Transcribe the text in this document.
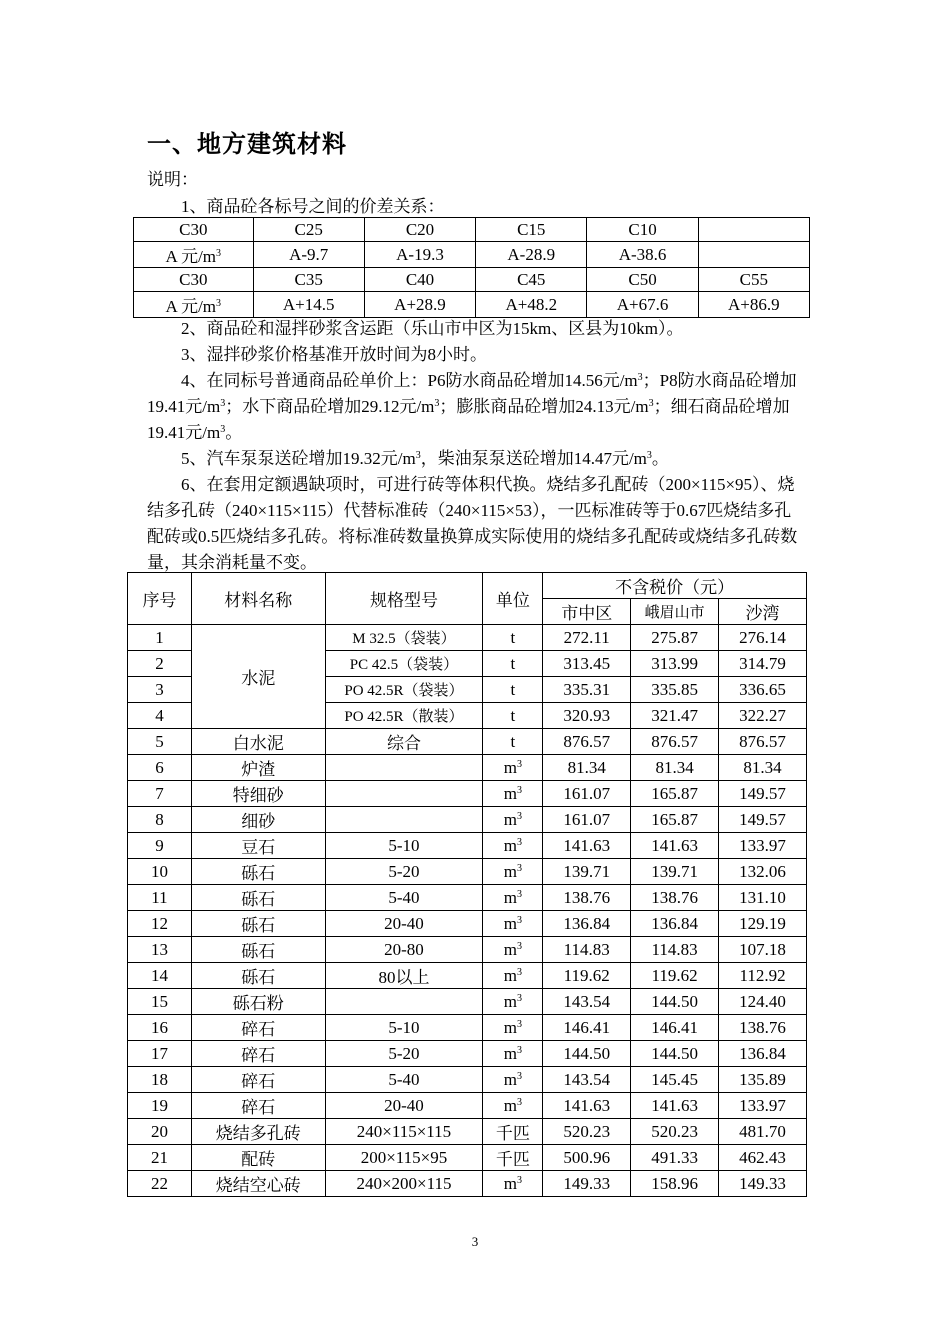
一、地方建筑材料
说明：
1、商品砼各标号之间的价差关系：
C30	C25	C20	C15	C10	
A 元$/m^3$	A-9.7	A-19.3	A-28.9	A-38.6	
C30	C35	C40	C45	C50	C55
A 元$/m^3$	A+14.5	A+28.9	A+48.2	A+67.6	A+86.9
2、商品砼和湿拌砂浆含运距（乐山市中区为15km、区县为10km）。
3、湿拌砂浆价格基准开放时间为8小时。
4、在同标号普通商品砼单价上：P6防水商品砼增加14.56元$/m^3$；P8防水商品砼增加19.41元$/m^3$；水下商品砼增加29.12元$/m^3$；膨胀商品砼增加24.13元$/m^3$；细石商品砼增加19.41元$/m^3$。
5、汽车泵泵送砼增加19.32元$/m^3$，柴油泵泵送砼增加14.47元$/m^3$。
6、在套用定额遇缺项时，可进行砖等体积代换。烧结多孔配砖（200×115×95）、烧结多孔砖（240×115×115）代替标准砖（240×115×53），一匹标准砖等于0.67匹烧结多孔配砖或0.5匹烧结多孔砖。将标准砖数量换算成实际使用的烧结多孔配砖或烧结多孔砖数量，其余消耗量不变。
序号	材料名称	规格型号	单位	不含税价（元）		
				市中区	峨眉山市	沙湾
1	水泥	M 32.5（袋装）	t	272.11	275.87	276.14
2		PC 42.5（袋装）	t	313.45	313.99	314.79
3		PO 42.5R（袋装）	t	335.31	335.85	336.65
4		PO 42.5R（散装）	t	320.93	321.47	322.27
5	白水泥	综合	t	876.57	876.57	876.57
6	炉渣		$m^3$	81.34	81.34	81.34
7	特细砂		$m^3$	161.07	165.87	149.57
8	细砂		$m^3$	161.07	165.87	149.57
9	豆石	5-10	$m^3$	141.63	141.63	133.97
10	砾石	5-20	$m^3$	139.71	139.71	132.06
11	砾石	5-40	$m^3$	138.76	138.76	131.10
12	砾石	20-40	$m^3$	136.84	136.84	129.19
13	砾石	20-80	$m^3$	114.83	114.83	107.18
14	砾石	80以上	$m^3$	119.62	119.62	112.92
15	砾石粉		$m^3$	143.54	144.50	124.40
16	碎石	5-10	$m^3$	146.41	146.41	138.76
17	碎石	5-20	$m^3$	144.50	144.50	136.84
18	碎石	5-40	$m^3$	143.54	145.45	135.89
19	碎石	20-40	$m^3$	141.63	141.63	133.97
20	烧结多孔砖	240×115×115	千匹	520.23	520.23	481.70
21	配砖	200×115×95	千匹	500.96	491.33	462.43
22	烧结空心砖	240×200×115	$m^3$	149.33	158.96	149.33
3
